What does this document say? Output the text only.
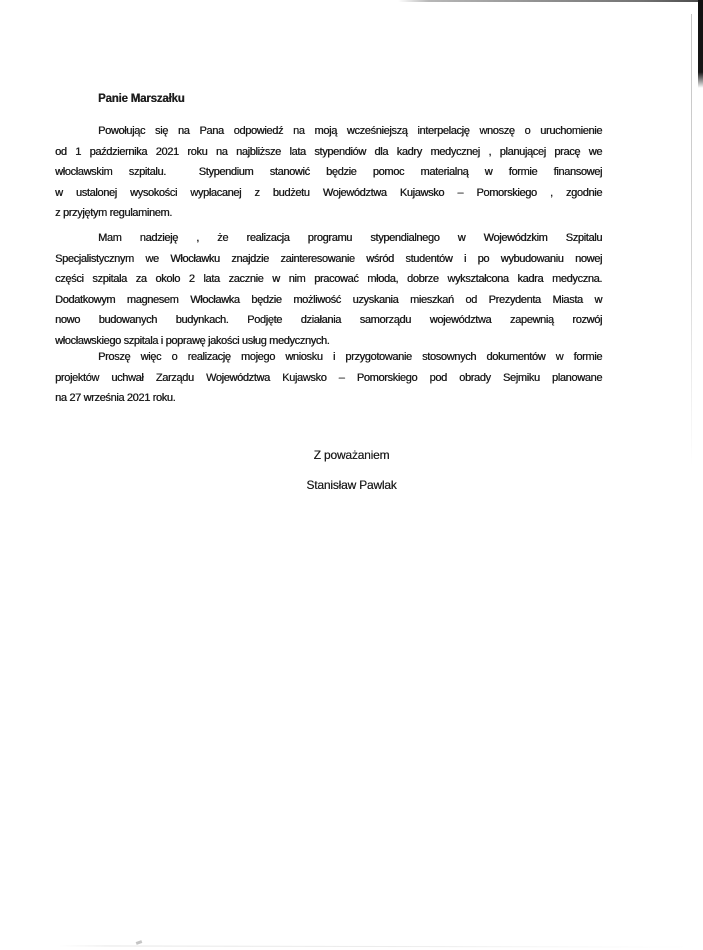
Panie Marszałku
Powołując się na Pana odpowiedź na moją wcześniejszą interpelację wnoszę o uruchomienie
od 1 października 2021 roku na najbliższe lata stypendiów dla kadry medycznej , planującej pracę we
włocławskim szpitalu.  Stypendium stanowić będzie pomoc materialną w formie finansowej
w ustalonej wysokości wypłacanej z budżetu Województwa Kujawsko – Pomorskiego , zgodnie
z przyjętym regulaminem.
Mam nadzieję , że realizacja programu stypendialnego w Wojewódzkim Szpitalu
Specjalistycznym we Włocławku znajdzie zainteresowanie wśród studentów i po wybudowaniu nowej
części szpitala za okolo 2 lata zacznie w nim pracować młoda, dobrze wykształcona kadra medyczna.
Dodatkowym magnesem Włocławka będzie możliwość uzyskania mieszkań od Prezydenta Miasta w
nowo budowanych budynkach. Podjęte działania samorządu województwa zapewnią rozwój
włocławskiego szpitala i poprawę jakości usług medycznych.
Proszę więc o realizację mojego wniosku i przygotowanie stosownych dokumentów w formie
projektów uchwał Zarządu Województwa Kujawsko – Pomorskiego pod obrady Sejmiku planowane
na 27 września 2021 roku.
Z poważaniem
Stanisław Pawlak
